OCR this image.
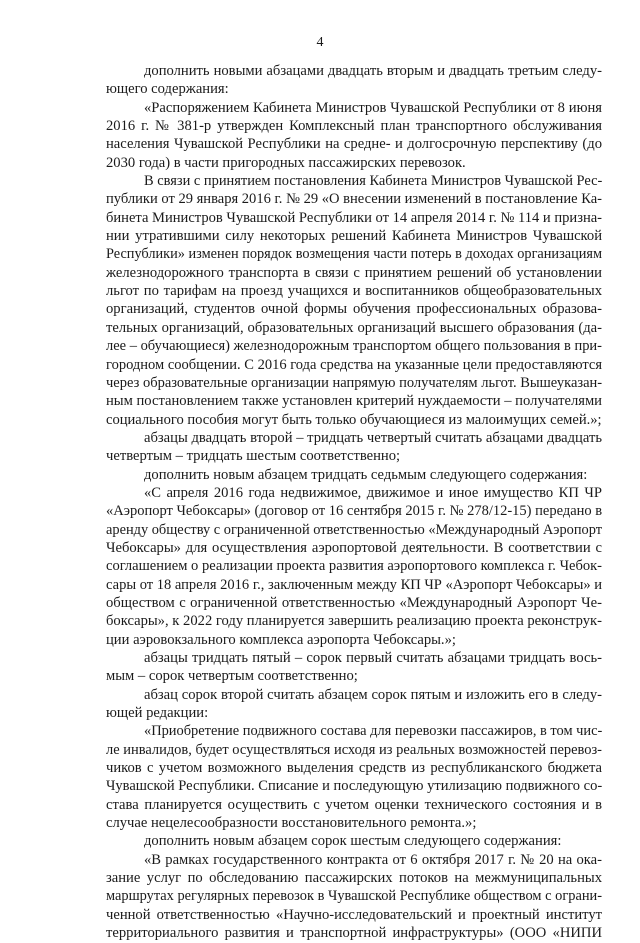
4
дополнить новыми абзацами двадцать вторым и двадцать третьим следу-
ющего содержания:
«Распоряжением Кабинета Министров Чувашской Республики от 8 июня
2016 г. № 381-р утвержден Комплексный план транспортного обслуживания
населения Чувашской Республики на средне- и долгосрочную перспективу (до
2030 года) в части пригородных пассажирских перевозок.
В связи с принятием постановления Кабинета Министров Чувашской Рес-
публики от 29 января 2016 г. № 29 «О внесении изменений в постановление Ка-
бинета Министров Чувашской Республики от 14 апреля 2014 г. № 114 и призна-
нии утратившими силу некоторых решений Кабинета Министров Чувашской
Республики» изменен порядок возмещения части потерь в доходах организациям
железнодорожного транспорта в связи с принятием решений об установлении
льгот по тарифам на проезд учащихся и воспитанников общеобразовательных
организаций, студентов очной формы обучения профессиональных образова-
тельных организаций, образовательных организаций высшего образования (да-
лее – обучающиеся) железнодорожным транспортом общего пользования в при-
городном сообщении. С 2016 года средства на указанные цели предоставляются
через образовательные организации напрямую получателям льгот. Вышеуказан-
ным постановлением также установлен критерий нуждаемости – получателями
социального пособия могут быть только обучающиеся из малоимущих семей.»;
абзацы двадцать второй – тридцать четвертый считать абзацами двадцать
четвертым – тридцать шестым соответственно;
дополнить новым абзацем тридцать седьмым следующего содержания:
«С апреля 2016 года недвижимое, движимое и иное имущество КП ЧР
«Аэропорт Чебоксары» (договор от 16 сентября 2015 г. № 278/12-15) передано в
аренду обществу с ограниченной ответственностью «Международный Аэропорт
Чебоксары» для осуществления аэропортовой деятельности. В соответствии с
соглашением о реализации проекта развития аэропортового комплекса г. Чебок-
сары от 18 апреля 2016 г., заключенным между КП ЧР «Аэропорт Чебоксары» и
обществом с ограниченной ответственностью «Международный Аэропорт Че-
боксары», к 2022 году планируется завершить реализацию проекта реконструк-
ции аэровокзального комплекса аэропорта Чебоксары.»;
абзацы тридцать пятый – сорок первый считать абзацами тридцать вось-
мым – сорок четвертым соответственно;
абзац сорок второй считать абзацем сорок пятым и изложить его в следу-
ющей редакции:
«Приобретение подвижного состава для перевозки пассажиров, в том чис-
ле инвалидов, будет осуществляться исходя из реальных возможностей перевоз-
чиков с учетом возможного выделения средств из республиканского бюджета
Чувашской Республики. Списание и последующую утилизацию подвижного со-
става планируется осуществить с учетом оценки технического состояния и в
случае нецелесообразности восстановительного ремонта.»;
дополнить новым абзацем сорок шестым следующего содержания:
«В рамках государственного контракта от 6 октября 2017 г. № 20 на ока-
зание услуг по обследованию пассажирских потоков на межмуниципальных
маршрутах регулярных перевозок в Чувашской Республике обществом с ограни-
ченной ответственностью «Научно-исследовательский и проектный институт
территориального развития и транспортной инфраструктуры» (ООО «НИПИ
